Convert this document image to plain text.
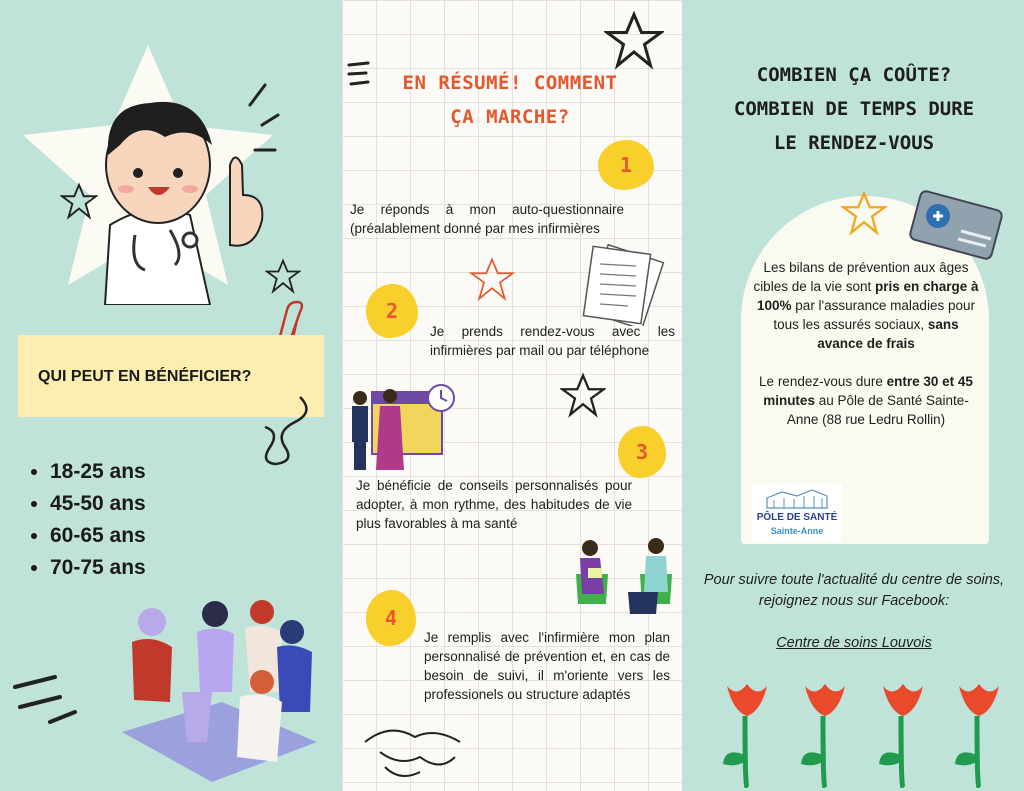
QUI PEUT EN BÉNÉFICIER?
• 18-25 ans
• 45-50 ans
• 60-65 ans
• 70-75 ans
EN RÉSUMÉ! COMMENT
ÇA MARCHE?
1
Je réponds à mon auto-questionnaire (préalablement donné par mes infirmières
2
Je prends rendez-vous avec les infirmières par mail ou par téléphone
3
Je bénéficie de conseils personnalisés pour adopter, à mon rythme, des habitudes de vie plus favorables à ma santé
4
Je remplis avec l'infirmière mon plan personnalisé de prévention et, en cas de besoin de suivi, il m'oriente vers les professionels ou structure adaptés
COMBIEN ÇA COÛTE?
COMBIEN DE TEMPS DURE
LE RENDEZ-VOUS
Les bilans de prévention aux âges cibles de la vie sont pris en charge à 100% par l'assurance maladies pour tous les assurés sociaux, sans avance de frais
Le rendez-vous dure entre 30 et 45 minutes au Pôle de Santé Sainte-Anne (88 rue Ledru Rollin)
PÔLE DE SANTÉ
Sainte-Anne
Pour suivre toute l'actualité du centre de soins, rejoignez nous sur Facebook:
Centre de soins Louvois
